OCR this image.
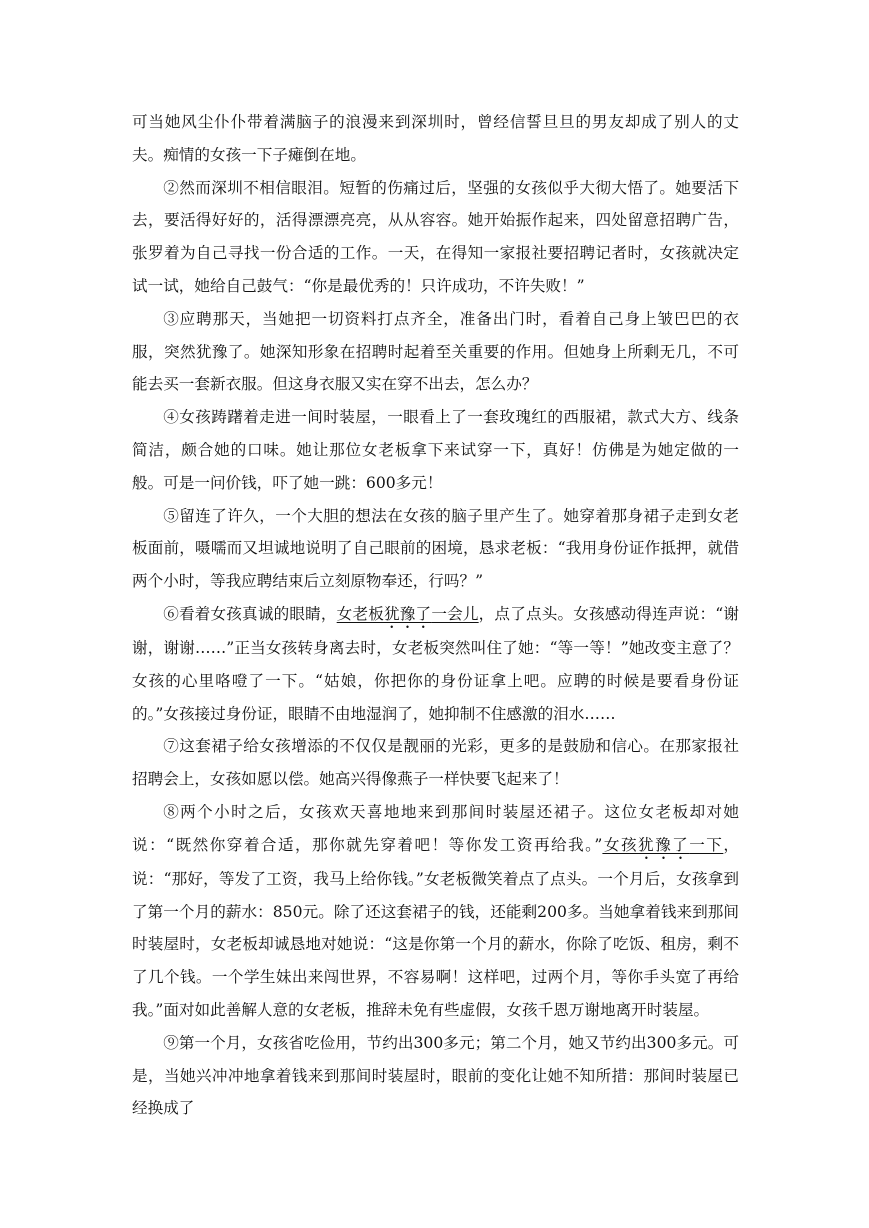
可当她风尘仆仆带着满脑子的浪漫来到深圳时，曾经信誓旦旦的男友却成了别人的丈夫。痴情的女孩一下子瘫倒在地。

②然而深圳不相信眼泪。短暂的伤痛过后，坚强的女孩似乎大彻大悟了。她要活下去，要活得好好的，活得漂漂亮亮，从从容容。她开始振作起来，四处留意招聘广告，张罗着为自己寻找一份合适的工作。一天，在得知一家报社要招聘记者时，女孩就决定试一试，她给自己鼓气：“你是最优秀的！只许成功，不许失败！”

③应聘那天，当她把一切资料打点齐全，准备出门时，看着自己身上皱巴巴的衣服，突然犹豫了。她深知形象在招聘时起着至关重要的作用。但她身上所剩无几，不可能去买一套新衣服。但这身衣服又实在穿不出去，怎么办？

④女孩踌躇着走进一间时装屋，一眼看上了一套玫瑰红的西服裙，款式大方、线条简洁，颇合她的口味。她让那位女老板拿下来试穿一下，真好！仿佛是为她定做的一般。可是一问价钱，吓了她一跳：600多元！

⑤留连了许久，一个大胆的想法在女孩的脑子里产生了。她穿着那身裙子走到女老板面前，嗫嚅而又坦诚地说明了自己眼前的困境，恳求老板：“我用身份证作抵押，就借两个小时，等我应聘结束后立刻原物奉还，行吗？”

⑥看着女孩真诚的眼睛，女老板犹豫了一会儿，点了点头。女孩感动得连声说：“谢谢，谢谢……”正当女孩转身离去时，女老板突然叫住了她：“等一等！”她改变主意了？女孩的心里咯噔了一下。“姑娘，你把你的身份证拿上吧。应聘的时候是要看身份证的。”女孩接过身份证，眼睛不由地湿润了，她抑制不住感激的泪水……

⑦这套裙子给女孩增添的不仅仅是靓丽的光彩，更多的是鼓励和信心。在那家报社招聘会上，女孩如愿以偿。她高兴得像燕子一样快要飞起来了！

⑧两个小时之后，女孩欢天喜地地来到那间时装屋还裙子。这位女老板却对她说：“既然你穿着合适，那你就先穿着吧！等你发工资再给我。”女孩犹豫了一下，说：“那好，等发了工资，我马上给你钱。”女老板微笑着点了点头。一个月后，女孩拿到了第一个月的薪水：850元。除了还这套裙子的钱，还能剩200多。当她拿着钱来到那间时装屋时，女老板却诚恳地对她说：“这是你第一个月的薪水，你除了吃饭、租房，剩不了几个钱。一个学生妹出来闯世界，不容易啊！这样吧，过两个月，等你手头宽了再给我。”面对如此善解人意的女老板，推辞未免有些虚假，女孩千恩万谢地离开时装屋。

⑨第一个月，女孩省吃俭用，节约出300多元；第二个月，她又节约出300多元。可是，当她兴冲冲地拿着钱来到那间时装屋时，眼前的变化让她不知所措：那间时装屋已经换成了
